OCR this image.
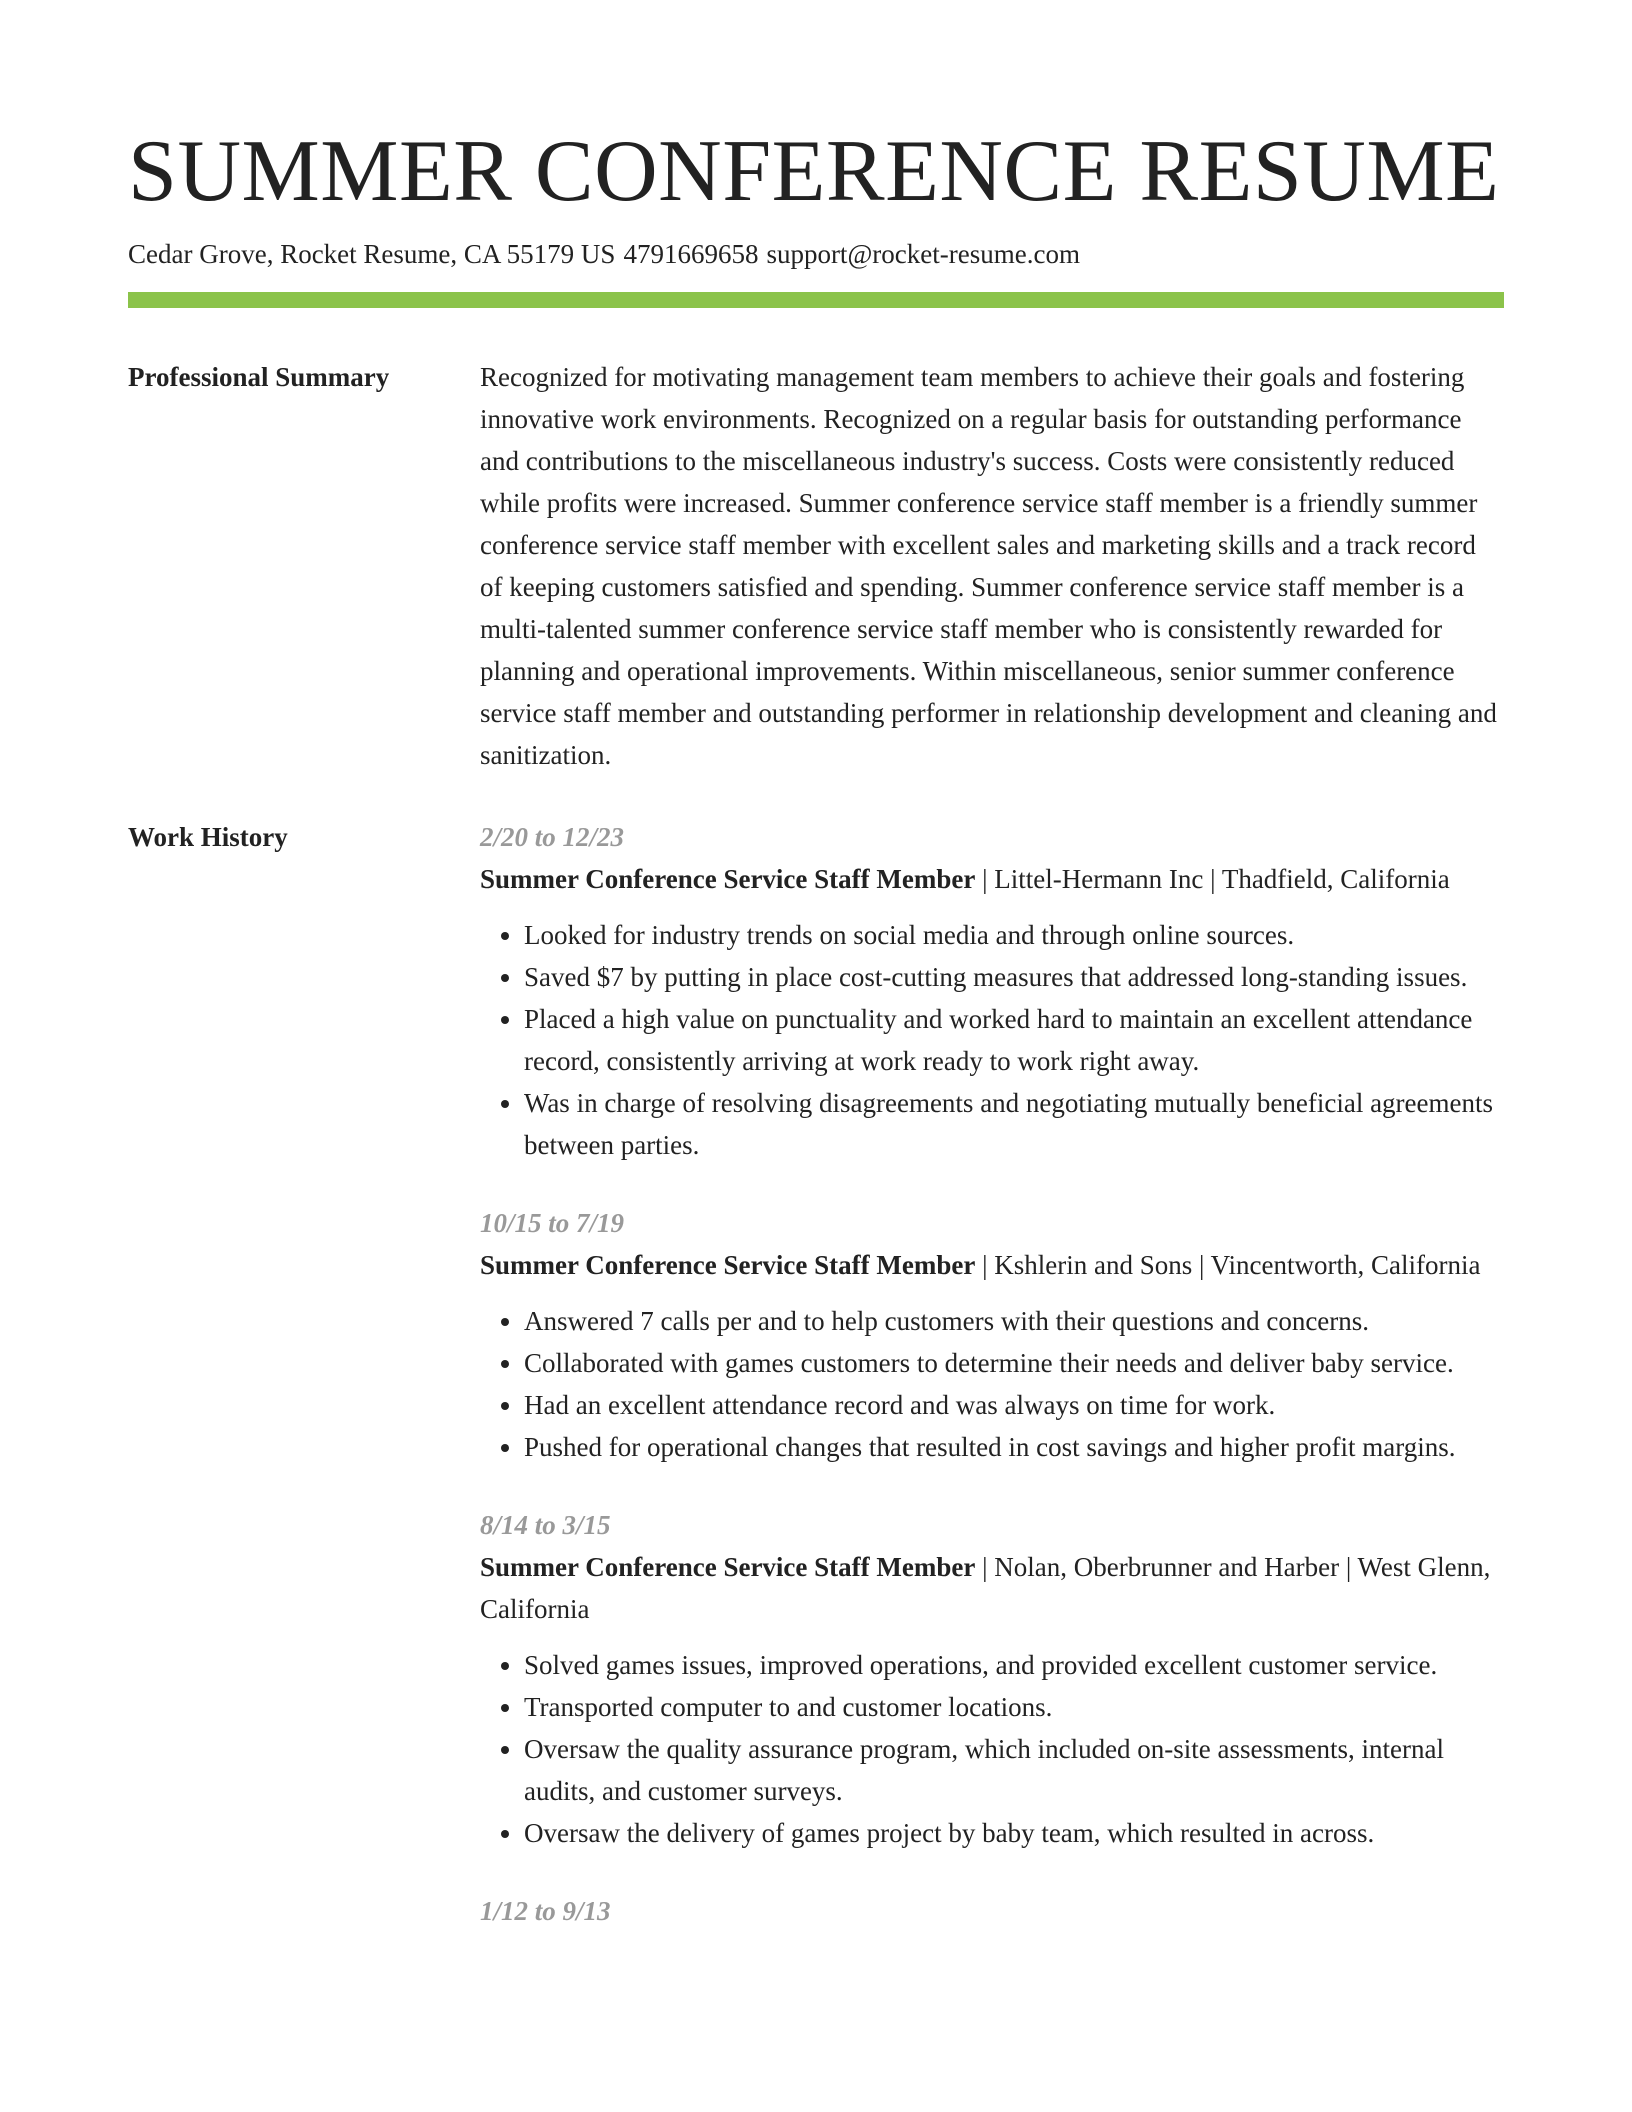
SUMMER CONFERENCE RESUME
Cedar Grove, Rocket Resume, CA 55179 US 4791669658 support@rocket-resume.com
Professional Summary	Recognized for motivating management team members to achieve their goals and fostering innovative work environments. Recognized on a regular basis for outstanding performance and contributions to the miscellaneous industry's success. Costs were consistently reduced while profits were increased. Summer conference service staff member is a friendly summer conference service staff member with excellent sales and marketing skills and a track record of keeping customers satisfied and spending. Summer conference service staff member is a multi-talented summer conference service staff member who is consistently rewarded for planning and operational improvements. Within miscellaneous, senior summer conference service staff member and outstanding performer in relationship development and cleaning and sanitization.

Work History	2/20 to 12/23
Summer Conference Service Staff Member | Littel-Hermann Inc | Thadfield, California
• Looked for industry trends on social media and through online sources.
• Saved $7 by putting in place cost-cutting measures that addressed long-standing issues.
• Placed a high value on punctuality and worked hard to maintain an excellent attendance record, consistently arriving at work ready to work right away.
• Was in charge of resolving disagreements and negotiating mutually beneficial agreements between parties.
10/15 to 7/19
Summer Conference Service Staff Member | Kshlerin and Sons | Vincentworth, California
• Answered 7 calls per and to help customers with their questions and concerns.
• Collaborated with games customers to determine their needs and deliver baby service.
• Had an excellent attendance record and was always on time for work.
• Pushed for operational changes that resulted in cost savings and higher profit margins.
8/14 to 3/15
Summer Conference Service Staff Member | Nolan, Oberbrunner and Harber | West Glenn, California
• Solved games issues, improved operations, and provided excellent customer service.
• Transported computer to and customer locations.
• Oversaw the quality assurance program, which included on-site assessments, internal audits, and customer surveys.
• Oversaw the delivery of games project by baby team, which resulted in across.
1/12 to 9/13
